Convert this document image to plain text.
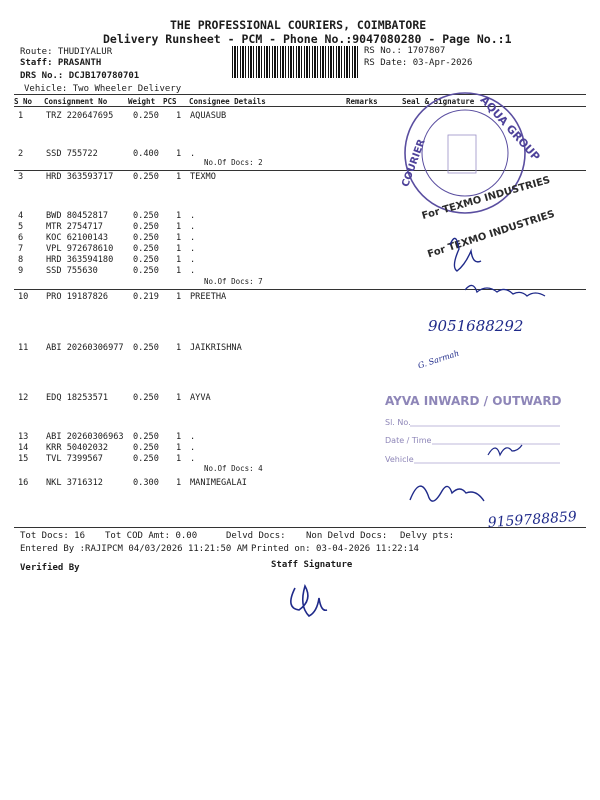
THE PROFESSIONAL COURIERS, COIMBATORE
Delivery Runsheet - PCM - Phone No.:9047080280 - Page No.:1
Route: THUDIYALUR
Staff: PRASANTH
DRS No.: DCJB170780701
Vehicle: Two Wheeler Delivery
RS No.: 1707807
RS Date: 03-Apr-2026
S No Consignment No	Weight PCS Consignee Details	Remarks	Seal & Signature
1	TRZ 220647695 0.250 1 AQUASUB
2	SSD 755722	0.400 1 .
No.Of Docs: 2
3	HRD 363593717 0.250 1 TEXMO
4	BWD 80452817	0.250 1 .
5	MTR 2754717	0.250 1 .
6	KOC 62100143	0.250 1 .
7	VPL 972678610 0.250 1 .
8	HRD 363594180 0.250 1 .
9	SSD 755630	0.250 1 .
No.Of Docs: 7
10 PRO 19187826	0.219 1 PREETHA
11 ABI 20260306977 0.250 1 JAIKRISHNA
12 EDQ 18253571	0.250 1 AYVA
13 ABI 20260306963 0.250 1 .
14 KRR 50402032	0.250 1 .
15 TVL 7399567	0.250 1 .
No.Of Docs: 4
16 NKL 3716312	0.300 1 MANIMEGALAI
AQUA GROUP
COURIER
For TEXMO INDUSTRIES
For TEXMO INDUSTRIES
AYVA INWARD / OUTWARD
Sl. No.
Date / Time
Vehicle
9051688292
G. Sarmah
9159788859
Tot Docs: 16 Tot COD Amt: 0.00	Delvd Docs: Non Delvd Docs: Delvy pts:
Entered By :RAJIPCM 04/03/2026 11:21:50 AM Printed on: 03-04-2026 11:22:14
Verified By	Staff Signature
